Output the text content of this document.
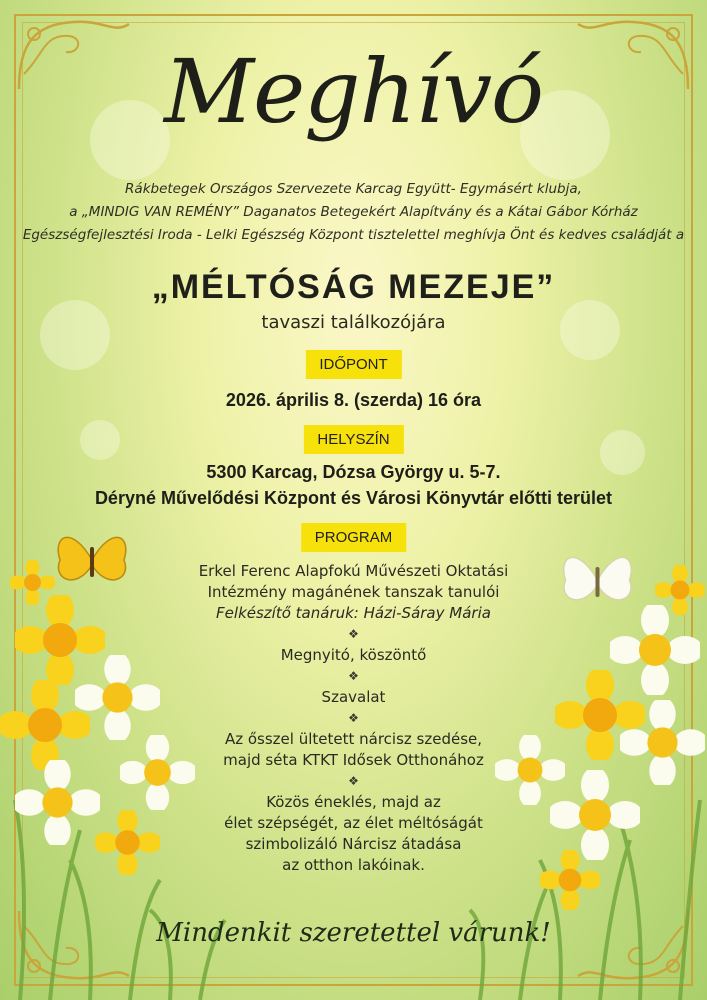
Meghívó
Rákbetegek Országos Szervezete Karcag Együtt- Egymásért klubja,
a „MINDIG VAN REMÉNY” Daganatos Betegekért Alapítvány és a Kátai Gábor Kórház
Egészségfejlesztési Iroda - Lelki Egészség Központ tisztelettel meghívja Önt és kedves családját a
„MÉLTÓSÁG MEZEJE”
tavaszi találkozójára
IDŐPONT
2026. április 8. (szerda) 16 óra
HELYSZÍN
5300 Karcag, Dózsa György u. 5-7.
Déryné Művelődési Központ és Városi Könyvtár előtti terület
PROGRAM
Erkel Ferenc Alapfokú Művészeti Oktatási
Intézmény magánének tanszak tanulói
Felkészítő tanáruk: Házi-Sáray Mária
❖
Megnyitó, köszöntő
❖
Szavalat
❖
Az ősszel ültetett nárcisz szedése,
majd séta KTKT Idősek Otthonához
❖
Közös éneklés, majd az
élet szépségét, az élet méltóságát
szimbolizáló Nárcisz átadása
az otthon lakóinak.
Mindenkit szeretettel várunk!
